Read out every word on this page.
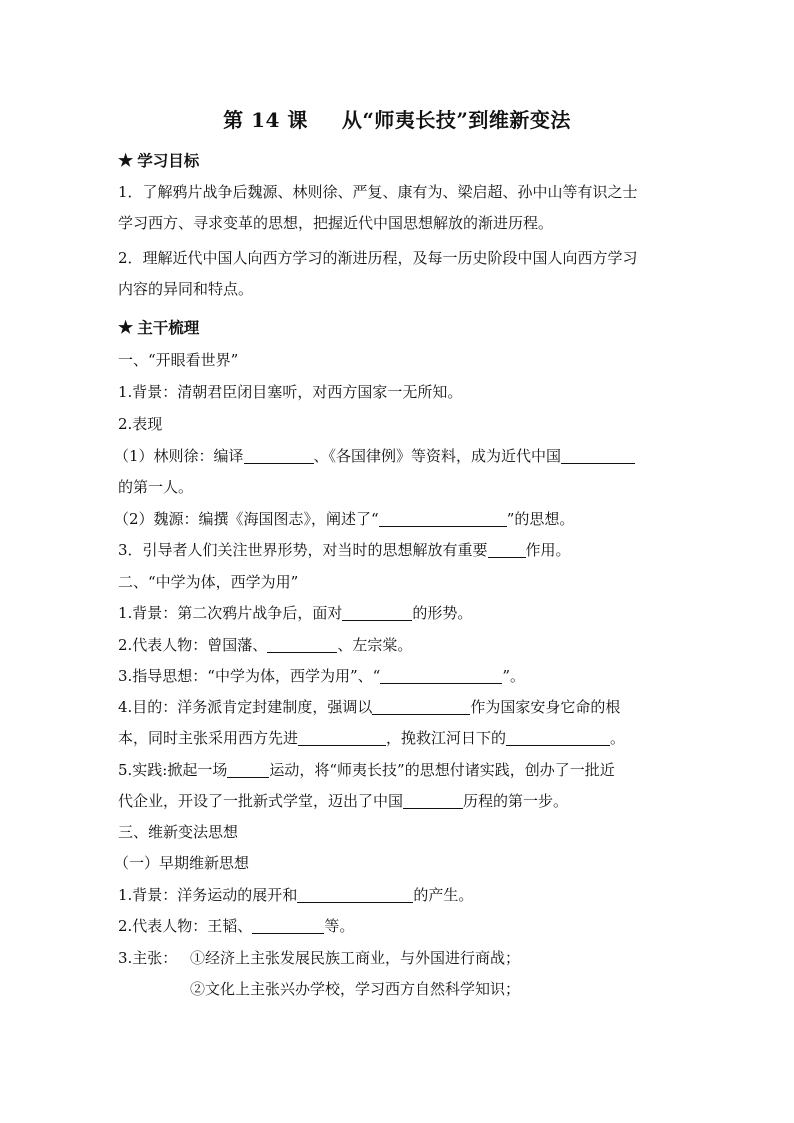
第 14 课 从“师夷长技”到维新变法
★ 学习目标
1．了解鸦片战争后魏源、林则徐、严复、康有为、梁启超、孙中山等有识之士
学习西方、寻求变革的思想，把握近代中国思想解放的渐进历程。
2．理解近代中国人向西方学习的渐进历程，及每一历史阶段中国人向西方学习
内容的异同和特点。
★ 主干梳理
一、“开眼看世界”
1.背景：清朝君臣闭目塞听，对西方国家一无所知。
2.表现
（1）林则徐：编译	、《各国律例》等资料，成为近代中国
的第一人。
（2）魏源：编撰《海国图志》，阐述了“	”的思想。
3．引导者人们关注世界形势，对当时的思想解放有重要	作用。
二、“中学为体，西学为用”
1.背景：第二次鸦片战争后，面对	的形势。
2.代表人物：曾国藩、	、左宗棠。
3.指导思想：“中学为体，西学为用”、“	”。
4.目的：洋务派肯定封建制度，强调以	作为国家安身它命的根
本，同时主张采用西方先进	，挽救江河日下的	。
5.实践:掀起一场	运动，将“师夷长技”的思想付诸实践，创办了一批近
代企业，开设了一批新式学堂，迈出了中国	历程的第一步。
三、维新变法思想
（一）早期维新思想
1.背景：洋务运动的展开和	的产生。
2.代表人物：王韬、	等。
3.主张： ①经济上主张发展民族工商业，与外国进行商战；
②文化上主张兴办学校，学习西方自然科学知识；
